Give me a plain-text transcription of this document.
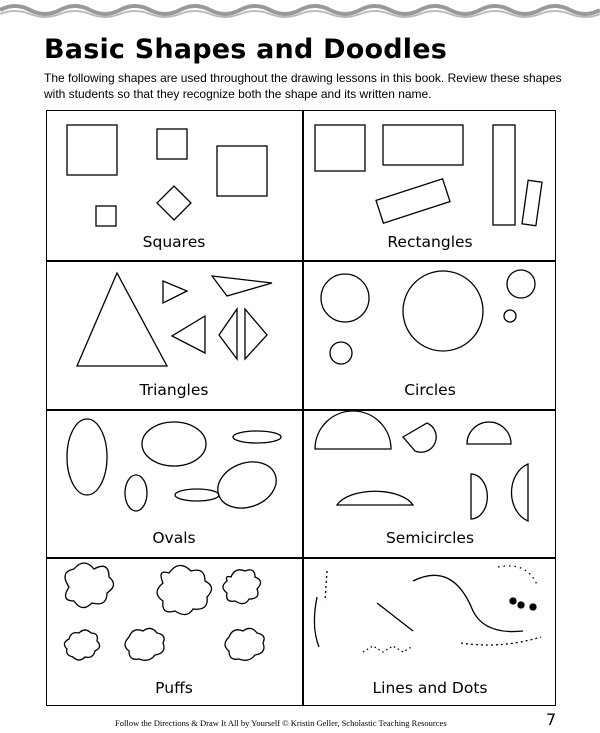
Basic Shapes and Doodles

The following shapes are used throughout the drawing lessons in this book. Review these shapes with students so that they recognize both the shape and its written name.

Squares	Rectangles
Triangles	Circles
Ovals	Semicircles
Puffs	Lines and Dots
Follow the Directions & Draw It All by Yourself © Kristin Geller, Scholastic Teaching Resources	7
